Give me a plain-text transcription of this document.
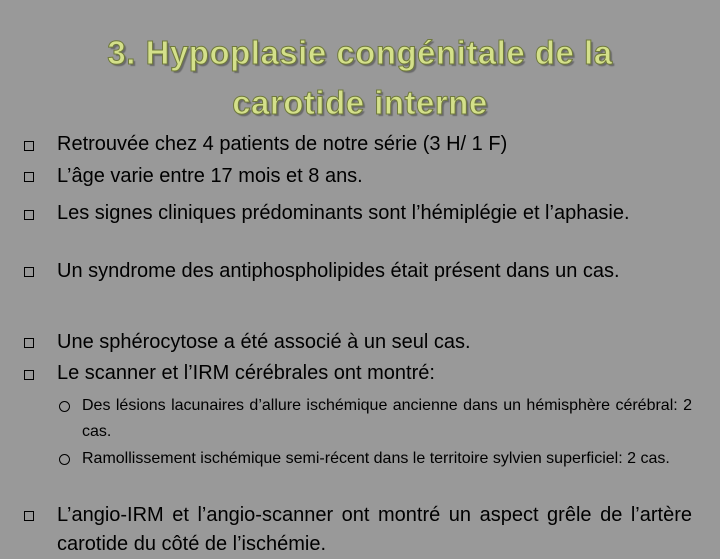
3. Hypoplasie congénitale de la
carotide interne
Retrouvée chez 4 patients de notre série (3 H/ 1 F)
L’âge varie entre 17 mois et 8 ans.
Les signes cliniques prédominants sont l’hémiplégie et l’aphasie.
Un syndrome des antiphospholipides était présent dans un cas.
Une sphérocytose a été associé à un seul cas.
Le scanner et l’IRM cérébrales ont montré:
Des lésions lacunaires d’allure ischémique ancienne dans un hémisphère cérébral: 2 cas.
Ramollissement ischémique semi-récent dans le territoire sylvien superficiel: 2 cas.
L’angio-IRM et l’angio-scanner ont montré un aspect grêle de l’artère carotide du côté de l’ischémie.
